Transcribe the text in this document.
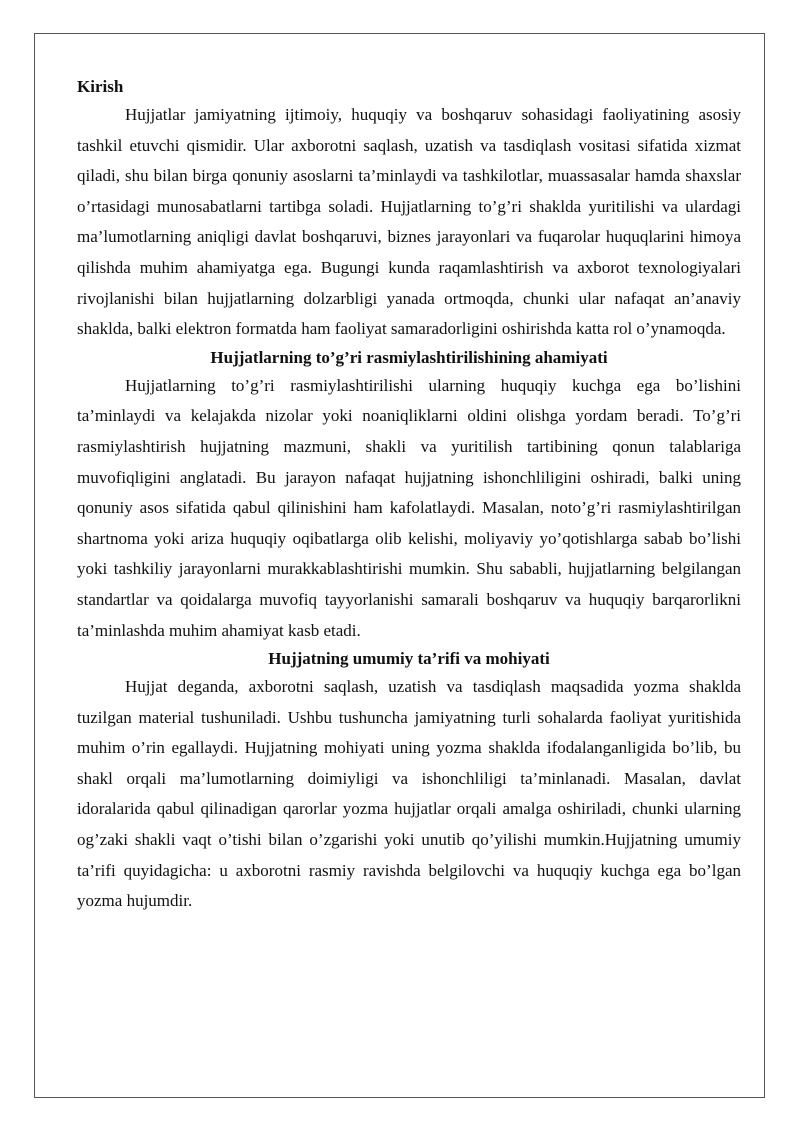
Kirish

Hujjatlar jamiyatning ijtimoiy, huquqiy va boshqaruv sohasidagi faoliyatining asosiy tashkil etuvchi qismidir. Ular axborotni saqlash, uzatish va tasdiqlash vositasi sifatida xizmat qiladi, shu bilan birga qonuniy asoslarni ta’minlaydi va tashkilotlar, muassasalar hamda shaxslar o’rtasidagi munosabatlarni tartibga soladi. Hujjatlarning to’g’ri shaklda yuritilishi va ulardagi ma’lumotlarning aniqligi davlat boshqaruvi, biznes jarayonlari va fuqarolar huquqlarini himoya qilishda muhim ahamiyatga ega. Bugungi kunda raqamlashtirish va axborot texnologiyalari rivojlanishi bilan hujjatlarning dolzarbligi yanada ortmoqda, chunki ular nafaqat an’anaviy shaklda, balki elektron formatda ham faoliyat samaradorligini oshirishda katta rol o’ynamoqda.

Hujjatlarning to’g’ri rasmiylashtirilishining ahamiyati

Hujjatlarning to’g’ri rasmiylashtirilishi ularning huquqiy kuchga ega bo’lishini ta’minlaydi va kelajakda nizolar yoki noaniqliklarni oldini olishga yordam beradi. To’g’ri rasmiylashtirish hujjatning mazmuni, shakli va yuritilish tartibining qonun talablariga muvofiqligini anglatadi. Bu jarayon nafaqat hujjatning ishonchliligini oshiradi, balki uning qonuniy asos sifatida qabul qilinishini ham kafolatlaydi. Masalan, noto’g’ri rasmiylashtirilgan shartnoma yoki ariza huquqiy oqibatlarga olib kelishi, moliyaviy yo’qotishlarga sabab bo’lishi yoki tashkiliy jarayonlarni murakkablashtirishi mumkin. Shu sababli, hujjatlarning belgilangan standartlar va qoidalarga muvofiq tayyorlanishi samarali boshqaruv va huquqiy barqarorlikni ta’minlashda muhim ahamiyat kasb etadi.

Hujjatning umumiy ta’rifi va mohiyati

Hujjat deganda, axborotni saqlash, uzatish va tasdiqlash maqsadida yozma shaklda tuzilgan material tushuniladi. Ushbu tushuncha jamiyatning turli sohalarda faoliyat yuritishida muhim o’rin egallaydi. Hujjatning mohiyati uning yozma shaklda ifodalanganligida bo’lib, bu shakl orqali ma’lumotlarning doimiyligi va ishonchliligi ta’minlanadi. Masalan, davlat idoralarida qabul qilinadigan qarorlar yozma hujjatlar orqali amalga oshiriladi, chunki ularning og’zaki shakli vaqt o’tishi bilan o’zgarishi yoki unutib qo’yilishi mumkin.Hujjatning umumiy ta’rifi quyidagicha: u axborotni rasmiy ravishda belgilovchi va huquqiy kuchga ega bo’lgan yozma hujumdir.
